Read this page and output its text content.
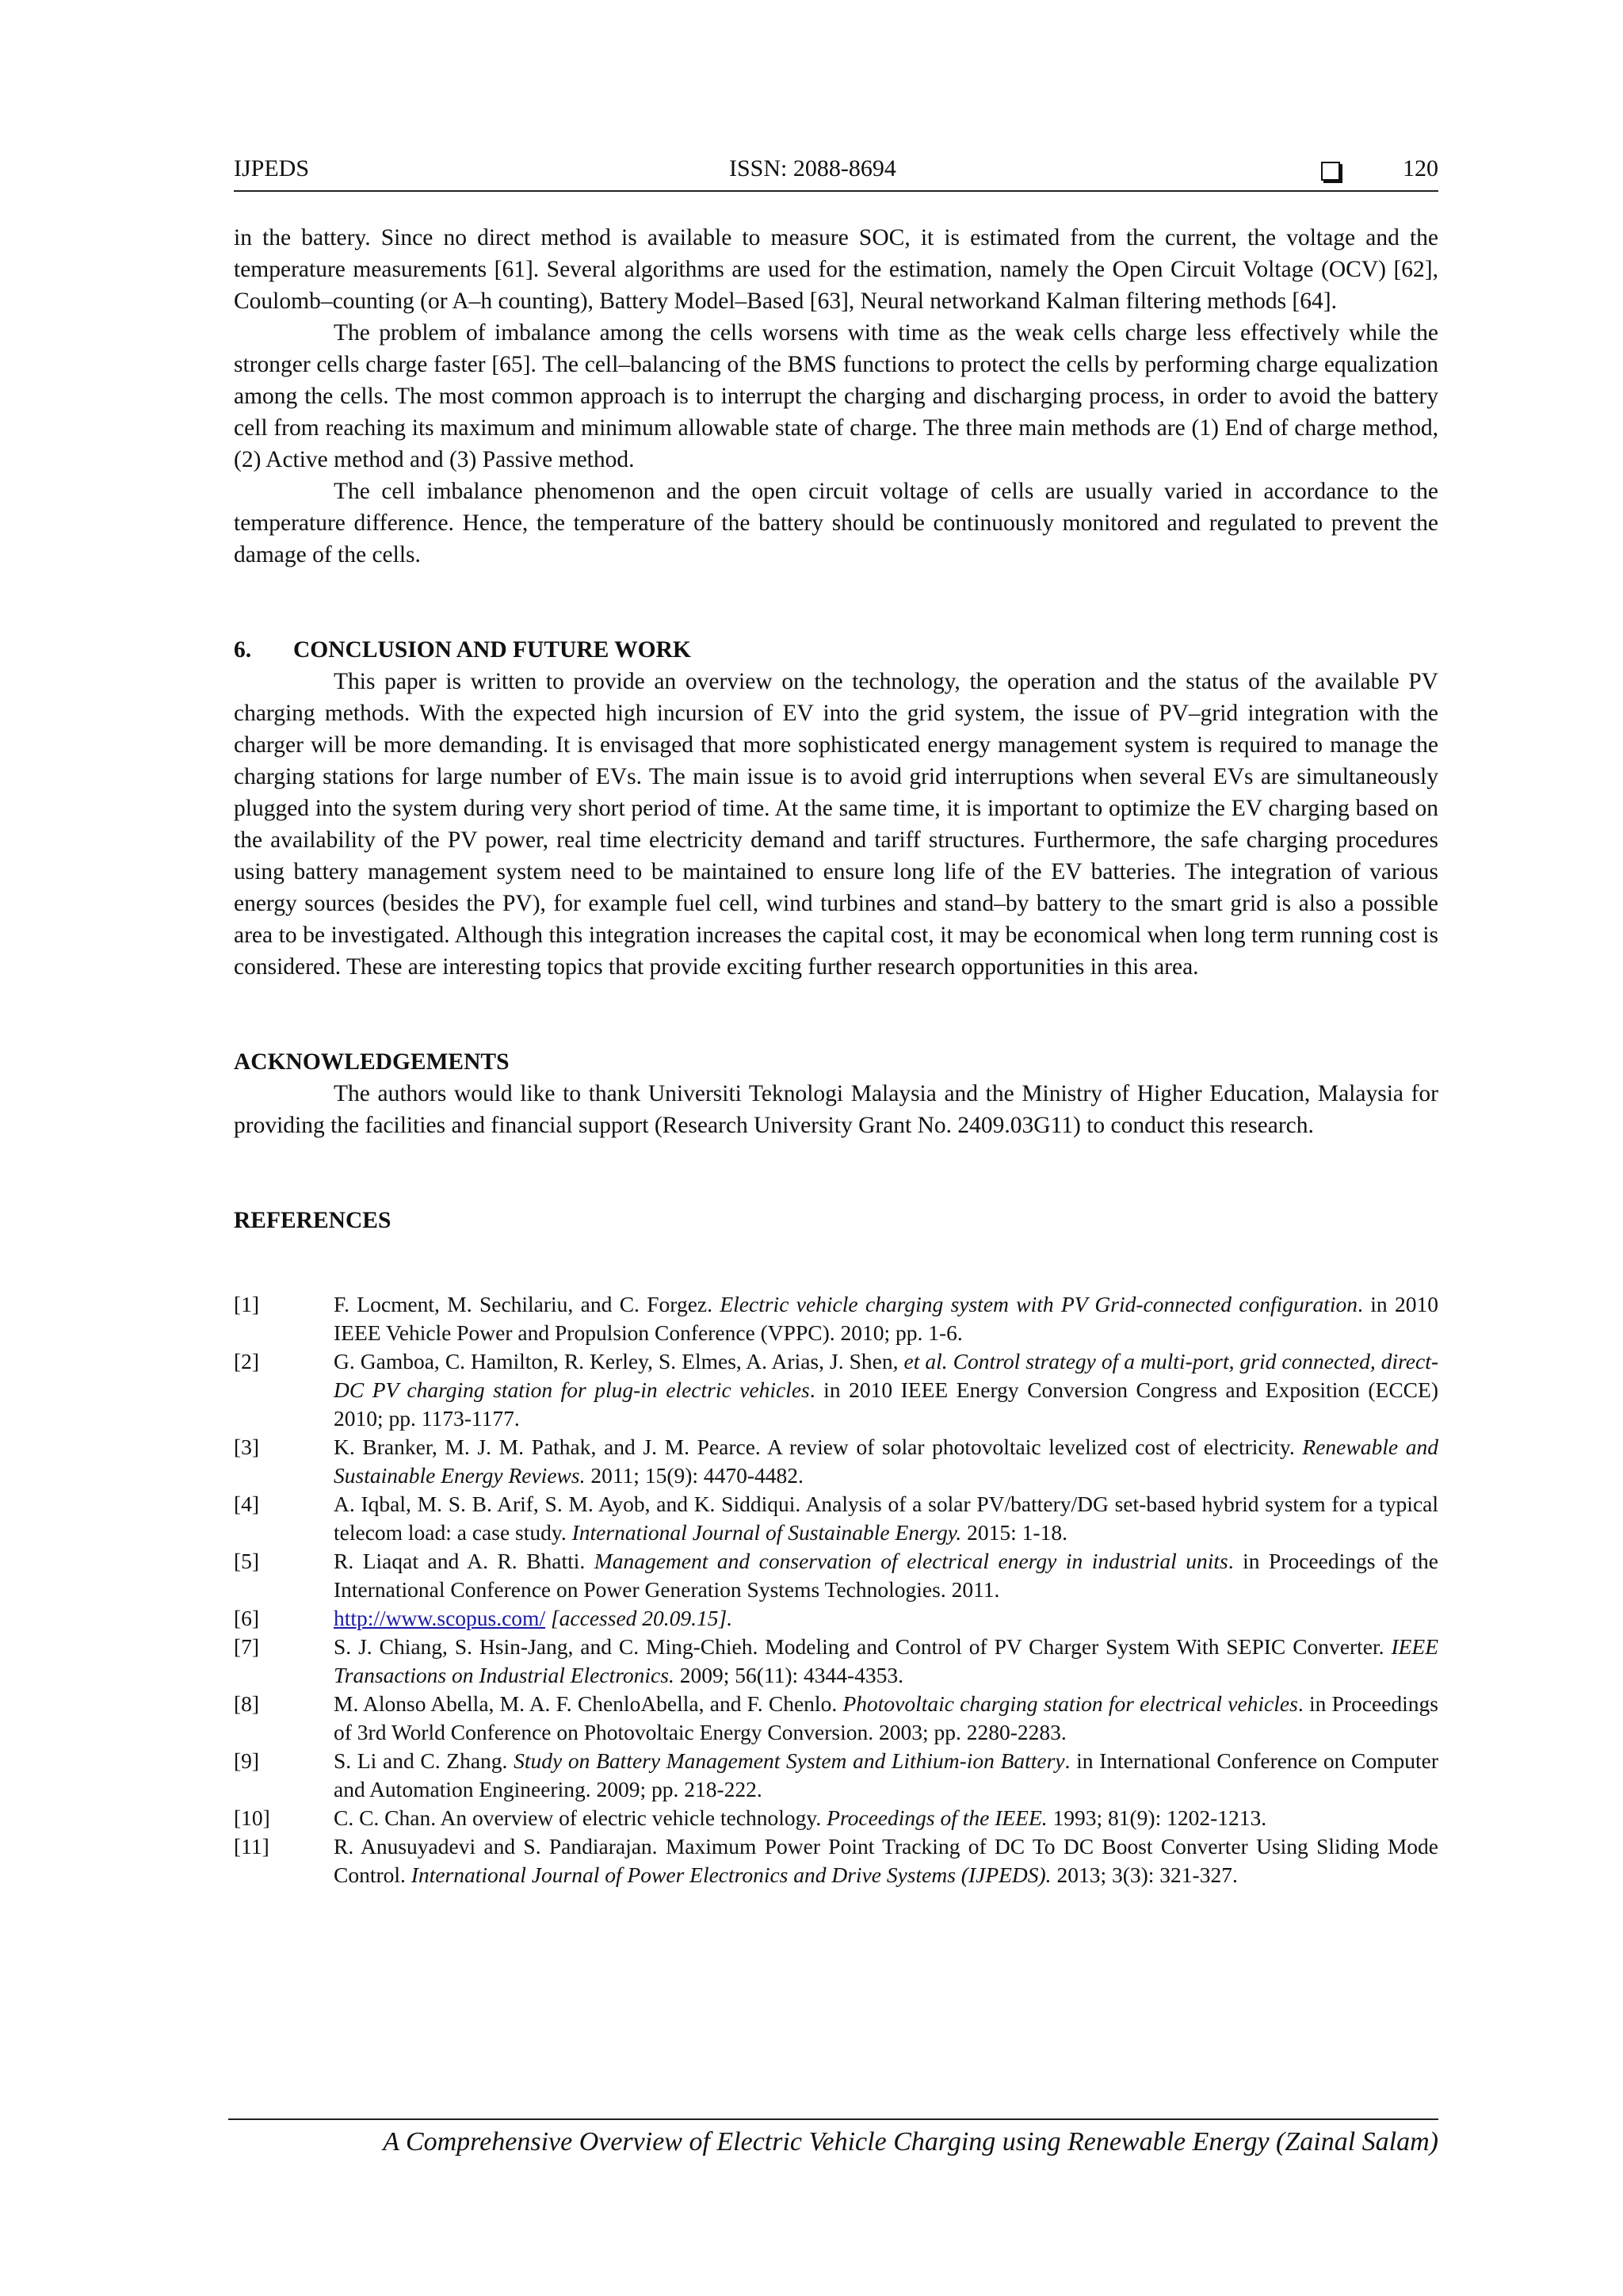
IJPEDS	ISSN: 2088-8694	120

in the battery. Since no direct method is available to measure SOC, it is estimated from the current, the voltage and the temperature measurements [61]. Several algorithms are used for the estimation, namely the Open Circuit Voltage (OCV) [62], Coulomb–counting (or A–h counting), Battery Model–Based [63], Neural networkand Kalman filtering methods [64].

The problem of imbalance among the cells worsens with time as the weak cells charge less effectively while the stronger cells charge faster [65]. The cell–balancing of the BMS functions to protect the cells by performing charge equalization among the cells. The most common approach is to interrupt the charging and discharging process, in order to avoid the battery cell from reaching its maximum and minimum allowable state of charge. The three main methods are (1) End of charge method, (2) Active method and (3) Passive method.

The cell imbalance phenomenon and the open circuit voltage of cells are usually varied in accordance to the temperature difference. Hence, the temperature of the battery should be continuously monitored and regulated to prevent the damage of the cells.

6. CONCLUSION AND FUTURE WORK

This paper is written to provide an overview on the technology, the operation and the status of the available PV charging methods. With the expected high incursion of EV into the grid system, the issue of PV–grid integration with the charger will be more demanding. It is envisaged that more sophisticated energy management system is required to manage the charging stations for large number of EVs. The main issue is to avoid grid interruptions when several EVs are simultaneously plugged into the system during very short period of time. At the same time, it is important to optimize the EV charging based on the availability of the PV power, real time electricity demand and tariff structures. Furthermore, the safe charging procedures using battery management system need to be maintained to ensure long life of the EV batteries. The integration of various energy sources (besides the PV), for example fuel cell, wind turbines and stand–by battery to the smart grid is also a possible area to be investigated. Although this integration increases the capital cost, it may be economical when long term running cost is considered. These are interesting topics that provide exciting further research opportunities in this area.

ACKNOWLEDGEMENTS

The authors would like to thank Universiti Teknologi Malaysia and the Ministry of Higher Education, Malaysia for providing the facilities and financial support (Research University Grant No. 2409.03G11) to conduct this research.

REFERENCES
[1]	F. Locment, M. Sechilariu, and C. Forgez. Electric vehicle charging system with PV Grid-connected configuration. in 2010 IEEE Vehicle Power and Propulsion Conference (VPPC). 2010; pp. 1-6.
[2]	G. Gamboa, C. Hamilton, R. Kerley, S. Elmes, A. Arias, J. Shen, et al. Control strategy of a multi-port, grid connected, direct-DC PV charging station for plug-in electric vehicles. in 2010 IEEE Energy Conversion Congress and Exposition (ECCE) 2010; pp. 1173-1177.
[3]	K. Branker, M. J. M. Pathak, and J. M. Pearce. A review of solar photovoltaic levelized cost of electricity. Renewable and Sustainable Energy Reviews. 2011; 15(9): 4470-4482.
[4]	A. Iqbal, M. S. B. Arif, S. M. Ayob, and K. Siddiqui. Analysis of a solar PV/battery/DG set-based hybrid system for a typical telecom load: a case study. International Journal of Sustainable Energy. 2015: 1-18.
[5]	R. Liaqat and A. R. Bhatti. Management and conservation of electrical energy in industrial units. in Proceedings of the International Conference on Power Generation Systems Technologies. 2011.
[6]	http://www.scopus.com/ [accessed 20.09.15].
[7]	S. J. Chiang, S. Hsin-Jang, and C. Ming-Chieh. Modeling and Control of PV Charger System With SEPIC Converter. IEEE Transactions on Industrial Electronics. 2009; 56(11): 4344-4353.
[8]	M. Alonso Abella, M. A. F. ChenloAbella, and F. Chenlo. Photovoltaic charging station for electrical vehicles. in Proceedings of 3rd World Conference on Photovoltaic Energy Conversion. 2003; pp. 2280-2283.
[9]	S. Li and C. Zhang. Study on Battery Management System and Lithium-ion Battery. in International Conference on Computer and Automation Engineering. 2009; pp. 218-222.
[10]	C. C. Chan. An overview of electric vehicle technology. Proceedings of the IEEE. 1993; 81(9): 1202-1213.
[11]	R. Anusuyadevi and S. Pandiarajan. Maximum Power Point Tracking of DC To DC Boost Converter Using Sliding Mode Control. International Journal of Power Electronics and Drive Systems (IJPEDS). 2013; 3(3): 321-327.
A Comprehensive Overview of Electric Vehicle Charging using Renewable Energy (Zainal Salam)
